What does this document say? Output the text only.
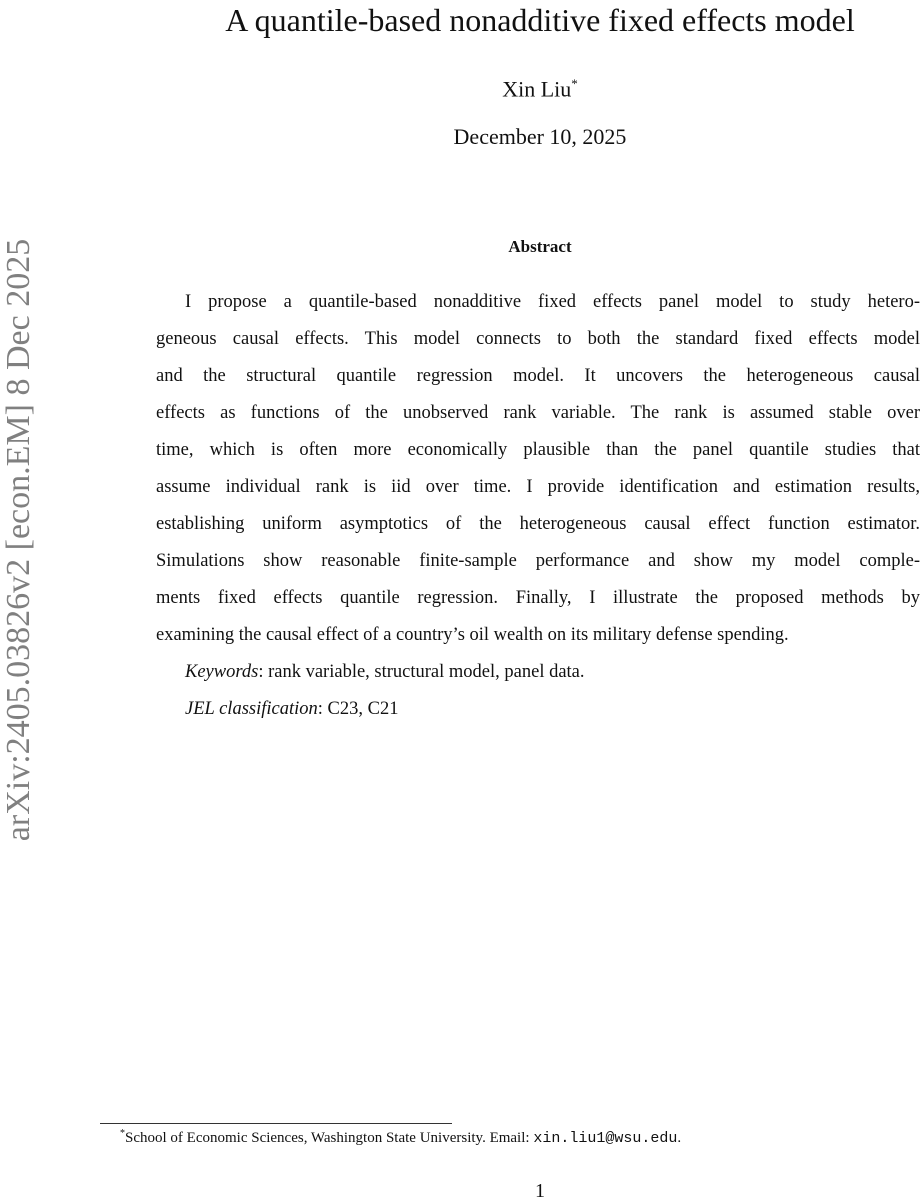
arXiv:2405.03826v2 [econ.EM] 8 Dec 2025
A quantile-based nonadditive fixed effects model
Xin Liu*
December 10, 2025
Abstract
I propose a quantile-based nonadditive fixed effects panel model to study hetero-
geneous causal effects. This model connects to both the standard fixed effects model
and the structural quantile regression model. It uncovers the heterogeneous causal
effects as functions of the unobserved rank variable. The rank is assumed stable over
time, which is often more economically plausible than the panel quantile studies that
assume individual rank is iid over time. I provide identification and estimation results,
establishing uniform asymptotics of the heterogeneous causal effect function estimator.
Simulations show reasonable finite-sample performance and show my model comple-
ments fixed effects quantile regression. Finally, I illustrate the proposed methods by
examining the causal effect of a country’s oil wealth on its military defense spending.
Keywords: rank variable, structural model, panel data.
JEL classification: C23, C21
*School of Economic Sciences, Washington State University. Email: xin.liu1@wsu.edu.
1
